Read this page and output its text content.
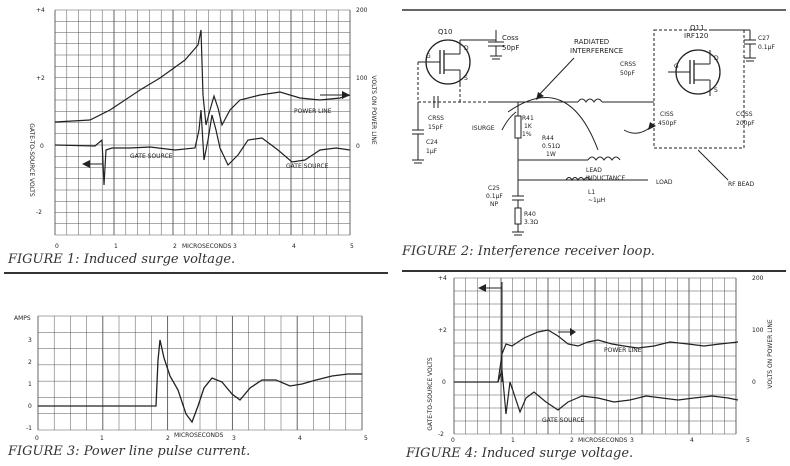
+4
+2
0
-2
200
100
0
GATE-TO-SOURCE VOLTS
VOLTS ON POWER LINE
0	1	2 MICROSECONDS 3	4	5
POWER LINE
GATE SOURCE
GATE SOURCE
FIGURE 1: Induced surge voltage.
Q10
G
D
S
Coss
50pF
CRSS
15pF
C24
1µF
R41
1K
1%
ISURGE
R44
0.51Ω
1W
LEAD
INDUCTANCE
LOAD
L1
~1µH
C25
0.1µF
NP
R40
3.3Ω
RADIATED
INTERFERENCE
Q11
IRF120
G
D
S
CRSS
50pF
CISS
450pF
COSS
200pF
C27
0.1µF
RF BEAD
FIGURE 2: Interference receiver loop.
AMPS
3
2
1
0
-1
0	1	2 MICROSECONDS 3	4	5
FIGURE 3: Power line pulse current.
+4
+2
0
-2
200
100
0
GATE-TO-SOURCE VOLTS
VOLTS ON POWER LINE
0	1	2 MICROSECONDS 3	4	5
POWER LINE
GATE SOURCE
FIGURE 4: Induced surge voltage.
